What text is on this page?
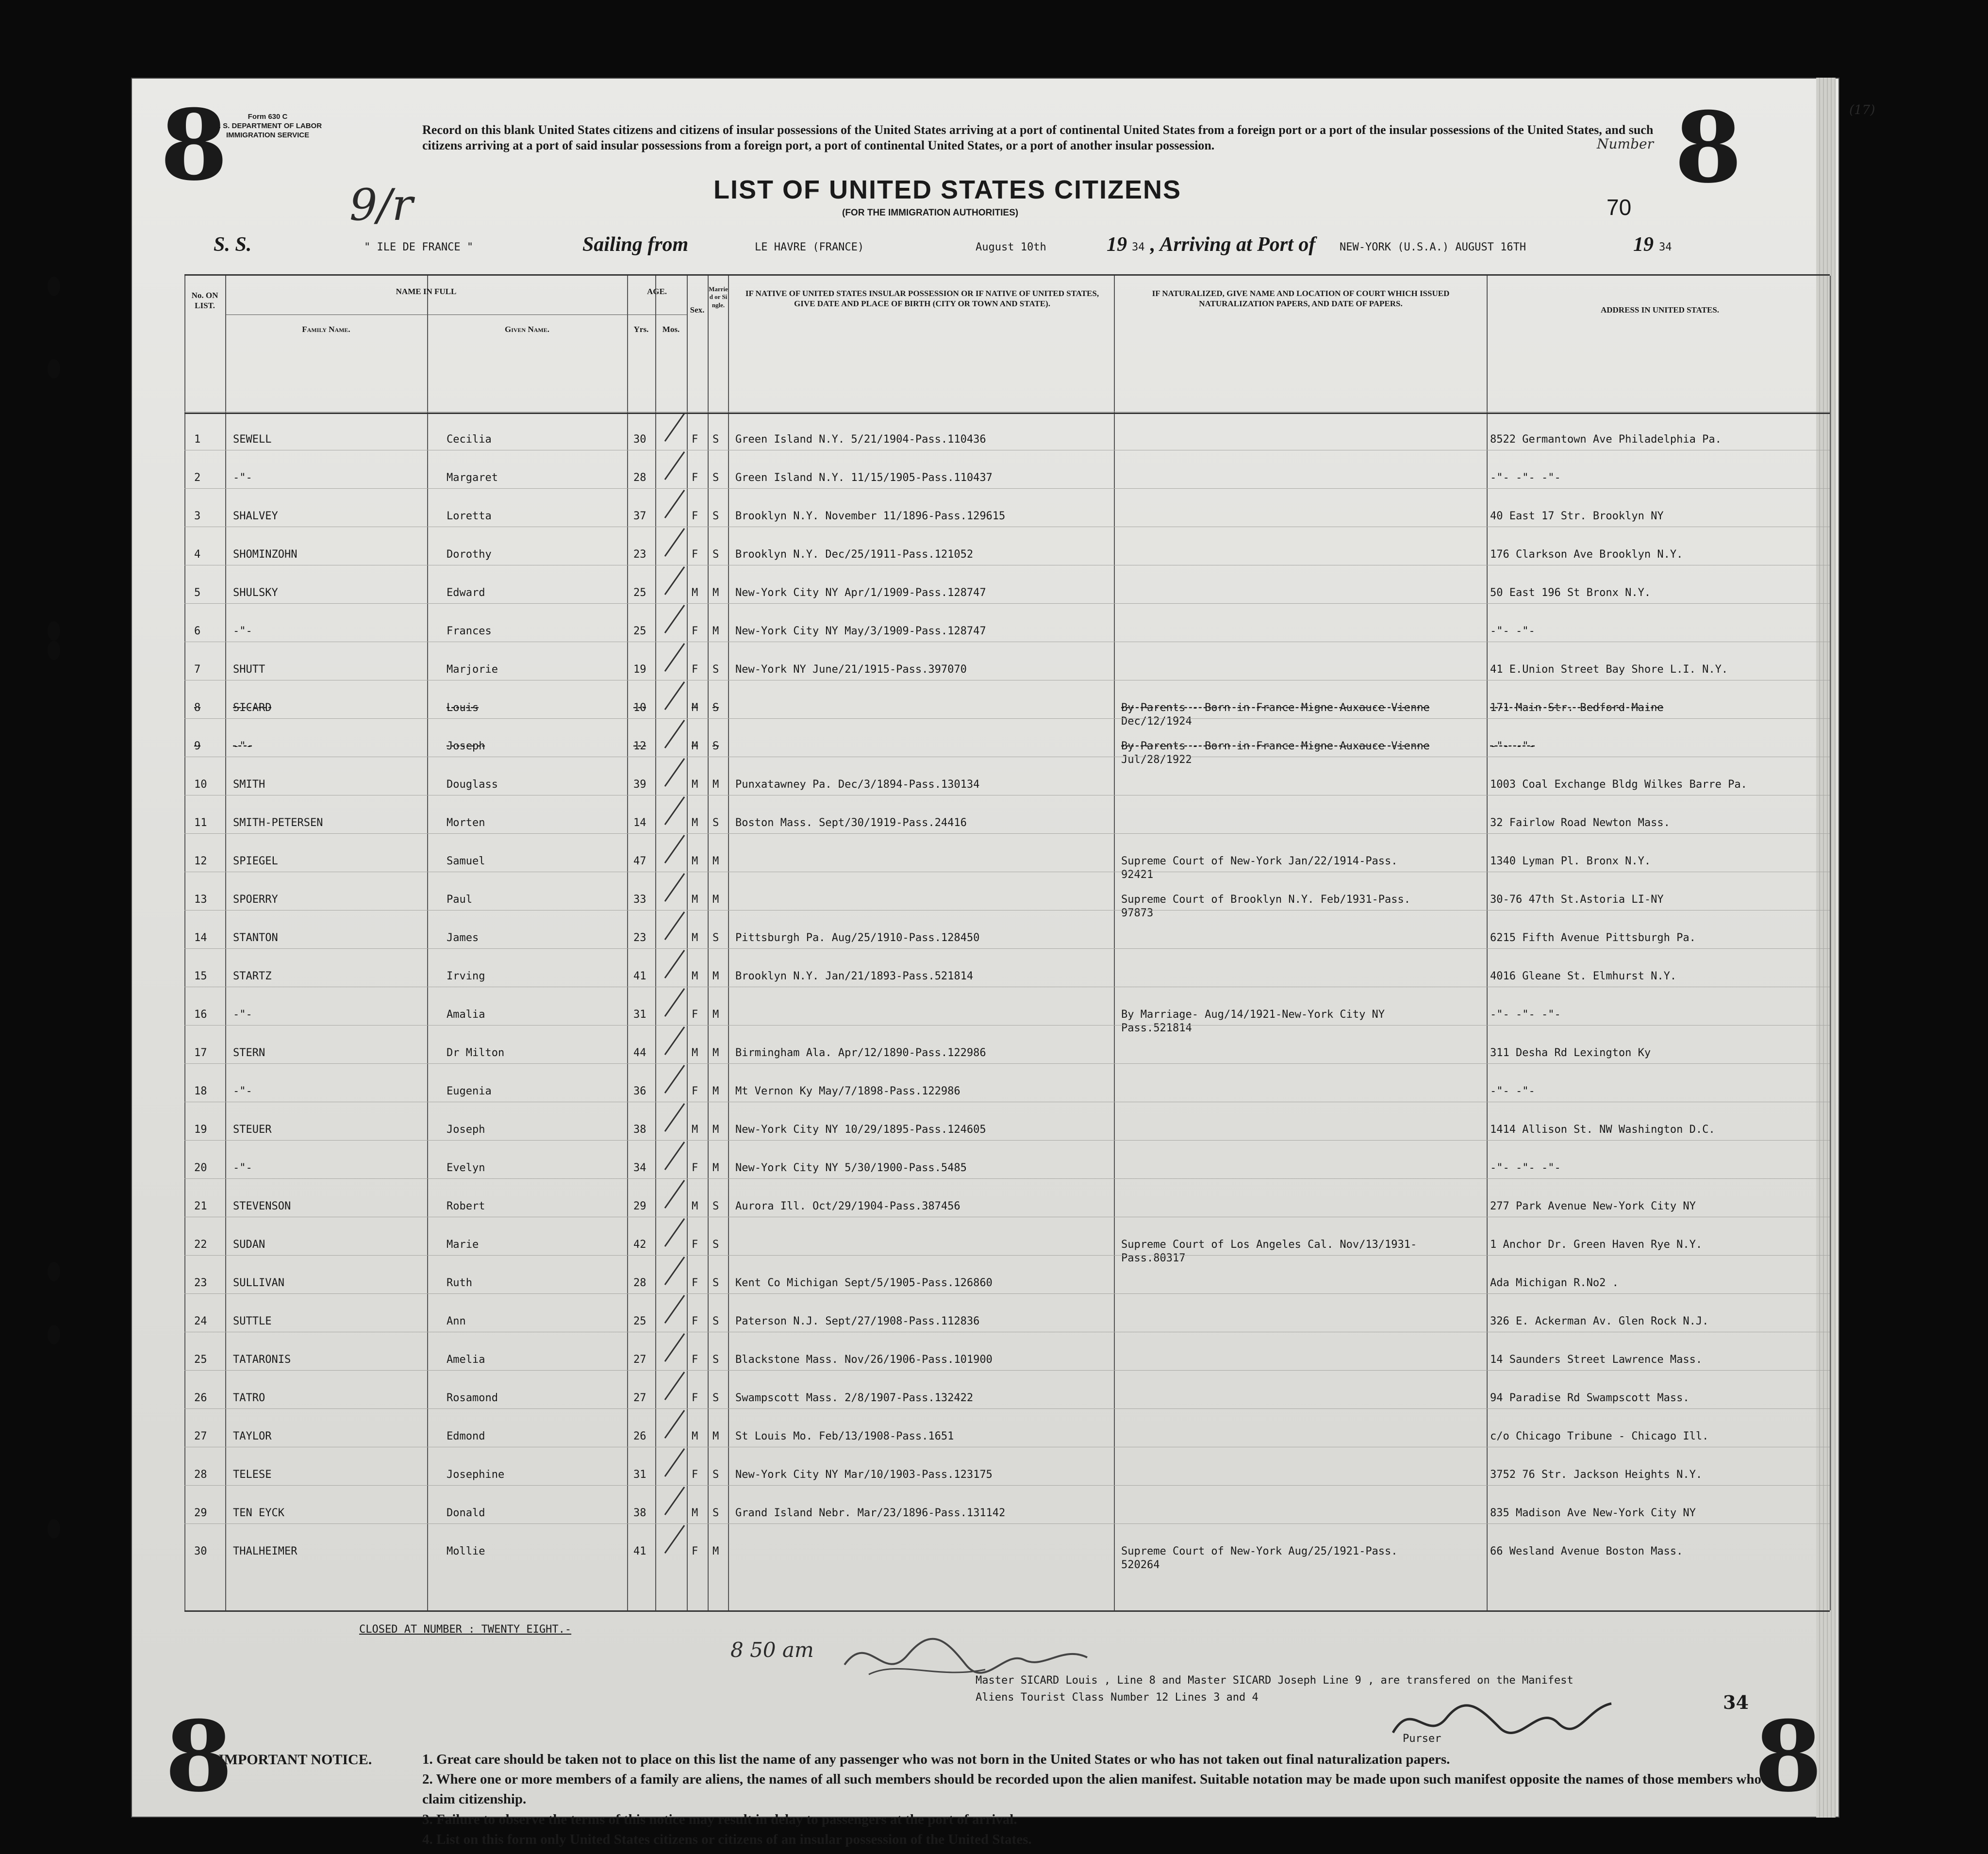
8	Form 630 C
U. S. DEPARTMENT OF LABOR
IMMIGRATION SERVICE	Record on this blank United States citizens and citizens of insular possessions of the United States arriving at a port of continental United States from a foreign port or a port of the insular possessions of the United States, and such citizens arriving at a port of said insular possessions from a foreign port, a port of continental United States, or a port of another insular possession.	Number 8	(17)
LIST OF UNITED STATES CITIZENS
(FOR THE IMMIGRATION AUTHORITIES)
9/r	70
S. S.	" ILE DE FRANCE "	Sailing from	LE HAVRE (FRANCE)	August 10th	19 34 , Arriving at Port of NEW-YORK (U.S.A.) AUGUST 16TH	19 34
No. ON LIST.
NAME IN FULL
Family Name.	Given Name.
AGE.
Yrs.	Mos.
Sex.
Married or Single.
IF NATIVE OF UNITED STATES INSULAR POSSESSION OR IF NATIVE OF UNITED STATES, GIVE DATE AND PLACE OF BIRTH (CITY OR TOWN AND STATE).
IF NATURALIZED, GIVE NAME AND LOCATION OF COURT WHICH ISSUED NATURALIZATION PAPERS, AND DATE OF PAPERS.
ADDRESS IN UNITED STATES.
1	SEWELL	Cecilia	30	F S Green Island N.Y. 5/21/1904-Pass.110436	8522 Germantown Ave Philadelphia Pa.
2	-"-	Margaret	28	F S Green Island N.Y. 11/15/1905-Pass.110437	-"- -"- -"-
3	SHALVEY	Loretta	37	F S Brooklyn N.Y. November 11/1896-Pass.129615	40 East 17 Str. Brooklyn NY
4	SHOMINZOHN	Dorothy	23	F S Brooklyn N.Y. Dec/25/1911-Pass.121052	176 Clarkson Ave Brooklyn N.Y.
5	SHULSKY	Edward	25	M M New-York City NY Apr/1/1909-Pass.128747	50 East 196 St Bronx N.Y.
6	-"-	Frances	25	F M New-York City NY May/3/1909-Pass.128747	-"- -"-
7	SHUTT	Marjorie	19	F S New-York NY June/21/1915-Pass.397070	41 E.Union Street Bay Shore L.I. N.Y.
8	SICARD	Louis	10	M S	By Parents - Born in France Migne Auxauce Vienne	171 Main Str. Bedford Maine
Dec/12/1924
9	-"-	Joseph	12	M S	By Parents - Born in France Migne Auxauce Vienne	-"- -"-
Jul/28/1922
10 SMITH	Douglass	39	M M Punxatawney Pa. Dec/3/1894-Pass.130134	1003 Coal Exchange Bldg Wilkes Barre Pa.
11 SMITH-PETERSEN	Morten	14	M S Boston Mass. Sept/30/1919-Pass.24416	32 Fairlow Road Newton Mass.
12 SPIEGEL	Samuel	47	M M	Supreme Court of New-York Jan/22/1914-Pass.	1340 Lyman Pl. Bronx N.Y.
92421
13 SPOERRY	Paul	33	M M	Supreme Court of Brooklyn N.Y. Feb/1931-Pass.	30-76 47th St.Astoria LI-NY
97873
14 STANTON	James	23	M S Pittsburgh Pa. Aug/25/1910-Pass.128450	6215 Fifth Avenue Pittsburgh Pa.
15 STARTZ	Irving	41	M M Brooklyn N.Y. Jan/21/1893-Pass.521814	4016 Gleane St. Elmhurst N.Y.
16 -"-	Amalia	31	F M	By Marriage- Aug/14/1921-New-York City NY	-"- -"- -"-
Pass.521814
17 STERN	Dr Milton	44	M M Birmingham Ala. Apr/12/1890-Pass.122986	311 Desha Rd Lexington Ky
18 -"-	Eugenia	36	F M Mt Vernon Ky May/7/1898-Pass.122986	-"- -"-
19 STEUER	Joseph	38	M M New-York City NY 10/29/1895-Pass.124605	1414 Allison St. NW Washington D.C.
20 -"-	Evelyn	34	F M New-York City NY 5/30/1900-Pass.5485	-"- -"- -"-
21 STEVENSON	Robert	29	M S Aurora Ill. Oct/29/1904-Pass.387456	277 Park Avenue New-York City NY
22 SUDAN	Marie	42	F S	Supreme Court of Los Angeles Cal. Nov/13/1931-	1 Anchor Dr. Green Haven Rye N.Y.
Pass.80317
23 SULLIVAN	Ruth	28	F S Kent Co Michigan Sept/5/1905-Pass.126860	Ada Michigan R.No2 .
24 SUTTLE	Ann	25	F S Paterson N.J. Sept/27/1908-Pass.112836	326 E. Ackerman Av. Glen Rock N.J.
25 TATARONIS	Amelia	27	F S Blackstone Mass. Nov/26/1906-Pass.101900	14 Saunders Street Lawrence Mass.
26 TATRO	Rosamond	27	F S Swampscott Mass. 2/8/1907-Pass.132422	94 Paradise Rd Swampscott Mass.
27 TAYLOR	Edmond	26	M M St Louis Mo. Feb/13/1908-Pass.1651	c/o Chicago Tribune - Chicago Ill.
28 TELESE	Josephine	31	F S New-York City NY Mar/10/1903-Pass.123175	3752 76 Str. Jackson Heights N.Y.
29 TEN EYCK	Donald	38	M S Grand Island Nebr. Mar/23/1896-Pass.131142	835 Madison Ave New-York City NY
30 THALHEIMER	Mollie	41	F M	Supreme Court of New-York Aug/25/1921-Pass.	66 Wesland Avenue Boston Mass.
520264
CLOSED AT NUMBER : TWENTY EIGHT.-
8 50 am
Master SICARD Louis , Line 8 and Master SICARD Joseph Line 9 , are transfered on the Manifest
Aliens Tourist Class Number 12 Lines 3 and 4
Purser
34
IMPORTANT NOTICE.	1. Great care should be taken not to place on this list the name of any passenger who was not born in the United States or who has not taken out final naturalization papers.
2. Where one or more members of a family are aliens, the names of all such members should be recorded upon the alien manifest. Suitable notation may be made upon such manifest opposite the names of those members who claim citizenship.
3. Failure to observe the terms of this notice may result in delay to passengers at the port of arrival.
4. List on this form only United States citizens or citizens of an insular possession of the United States.
8	8
